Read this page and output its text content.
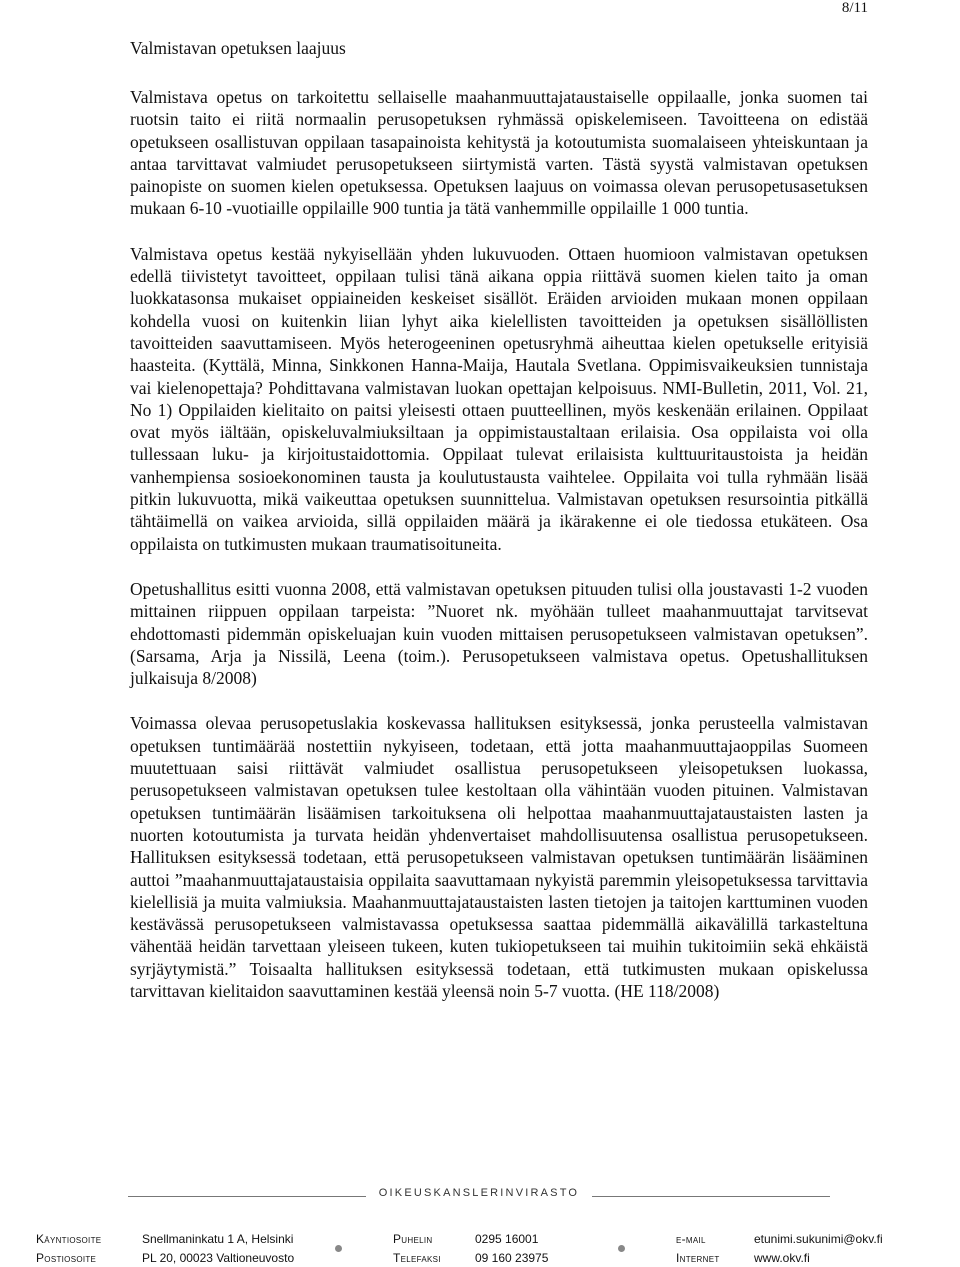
8/11
Valmistavan opetuksen laajuus

Valmistava opetus on tarkoitettu sellaiselle maahanmuuttajataustaiselle oppilaalle, jonka suomen tai ruotsin taito ei riitä normaalin perusopetuksen ryhmässä opiskelemiseen. Tavoitteena on edistää opetukseen osallistuvan oppilaan tasapainoista kehitystä ja kotoutumista suomalaiseen yhteiskuntaan ja antaa tarvittavat valmiudet perusopetukseen siirtymistä varten. Tästä syystä valmistavan opetuksen painopiste on suomen kielen opetuksessa. Opetuksen laajuus on voimassa olevan perusopetusasetuksen mukaan 6-10 -vuotiaille oppilaille 900 tuntia ja tätä vanhemmille oppilaille 1 000 tuntia.

Valmistava opetus kestää nykyisellään yhden lukuvuoden. Ottaen huomioon valmistavan opetuksen edellä tiivistetyt tavoitteet, oppilaan tulisi tänä aikana oppia riittävä suomen kielen taito ja oman luokkatasonsa mukaiset oppiaineiden keskeiset sisällöt. Eräiden arvioiden mukaan monen oppilaan kohdella vuosi on kuitenkin liian lyhyt aika kielellisten tavoitteiden ja opetuksen sisällöllisten tavoitteiden saavuttamiseen. Myös heterogeeninen opetusryhmä aiheuttaa kielen opetukselle erityisiä haasteita. (Kyttälä, Minna, Sinkkonen Hanna-Maija, Hautala Svetlana. Oppimisvaikeuksien tunnistaja vai kielenopettaja? Pohdittavana valmistavan luokan opettajan kelpoisuus. NMI-Bulletin, 2011, Vol. 21, No 1) Oppilaiden kielitaito on paitsi yleisesti ottaen puutteellinen, myös keskenään erilainen. Oppilaat ovat myös iältään, opiskeluvalmiuksiltaan ja oppimistaustaltaan erilaisia. Osa oppilaista voi olla tullessaan luku- ja kirjoitustaidottomia. Oppilaat tulevat erilaisista kulttuuritaustoista ja heidän vanhempiensa sosioekonominen tausta ja koulutustausta vaihtelee. Oppilaita voi tulla ryhmään lisää pitkin lukuvuotta, mikä vaikeuttaa opetuksen suunnittelua. Valmistavan opetuksen resursointia pitkällä tähtäimellä on vaikea arvioida, sillä oppilaiden määrä ja ikärakenne ei ole tiedossa etukäteen. Osa oppilaista on tutkimusten mukaan traumatisoituneita.

Opetushallitus esitti vuonna 2008, että valmistavan opetuksen pituuden tulisi olla joustavasti 1-2 vuoden mittainen riippuen oppilaan tarpeista: ”Nuoret nk. myöhään tulleet maahanmuuttajat tarvitsevat ehdottomasti pidemmän opiskeluajan kuin vuoden mittaisen perusopetukseen valmistavan opetuksen”. (Sarsama, Arja ja Nissilä, Leena (toim.). Perusopetukseen valmistava opetus. Opetushallituksen julkaisuja 8/2008)

Voimassa olevaa perusopetuslakia koskevassa hallituksen esityksessä, jonka perusteella valmistavan opetuksen tuntimäärää nostettiin nykyiseen, todetaan, että jotta maahanmuuttajaoppilas Suomeen muutettuaan saisi riittävät valmiudet osallistua perusopetukseen yleisopetuksen luokassa, perusopetukseen valmistavan opetuksen tulee kestoltaan olla vähintään vuoden pituinen. Valmistavan opetuksen tuntimäärän lisäämisen tarkoituksena oli helpottaa maahanmuuttajataustaisten lasten ja nuorten kotoutumista ja turvata heidän yhdenvertaiset mahdollisuutensa osallistua perusopetukseen. Hallituksen esityksessä todetaan, että perusopetukseen valmistavan opetuksen tuntimäärän lisääminen auttoi ”maahanmuuttajataustaisia oppilaita saavuttamaan nykyistä paremmin yleisopetuksessa tarvittavia kielellisiä ja muita valmiuksia. Maahanmuuttajataustaisten lasten tietojen ja taitojen karttuminen vuoden kestävässä perusopetukseen valmistavassa opetuksessa saattaa pidemmällä aikavälillä tarkasteltuna vähentää heidän tarvettaan yleiseen tukeen, kuten tukiopetukseen tai muihin tukitoimiin sekä ehkäistä syrjäytymistä.” Toisaalta hallituksen esityksessä todetaan, että tutkimusten mukaan opiskelussa tarvittavan kielitaidon saavuttaminen kestää yleensä noin 5-7 vuotta. (HE 118/2008)

OIKEUSKANSLERINVIRASTO
Käyntiosoite	Snellmaninkatu 1 A, Helsinki	Puhelin	0295 16001	e-mail	etunimi.sukunimi@okv.fi
Postiosoite	PL 20, 00023 Valtioneuvosto	Telefaksi	09 160 23975	Internet	www.okv.fi
